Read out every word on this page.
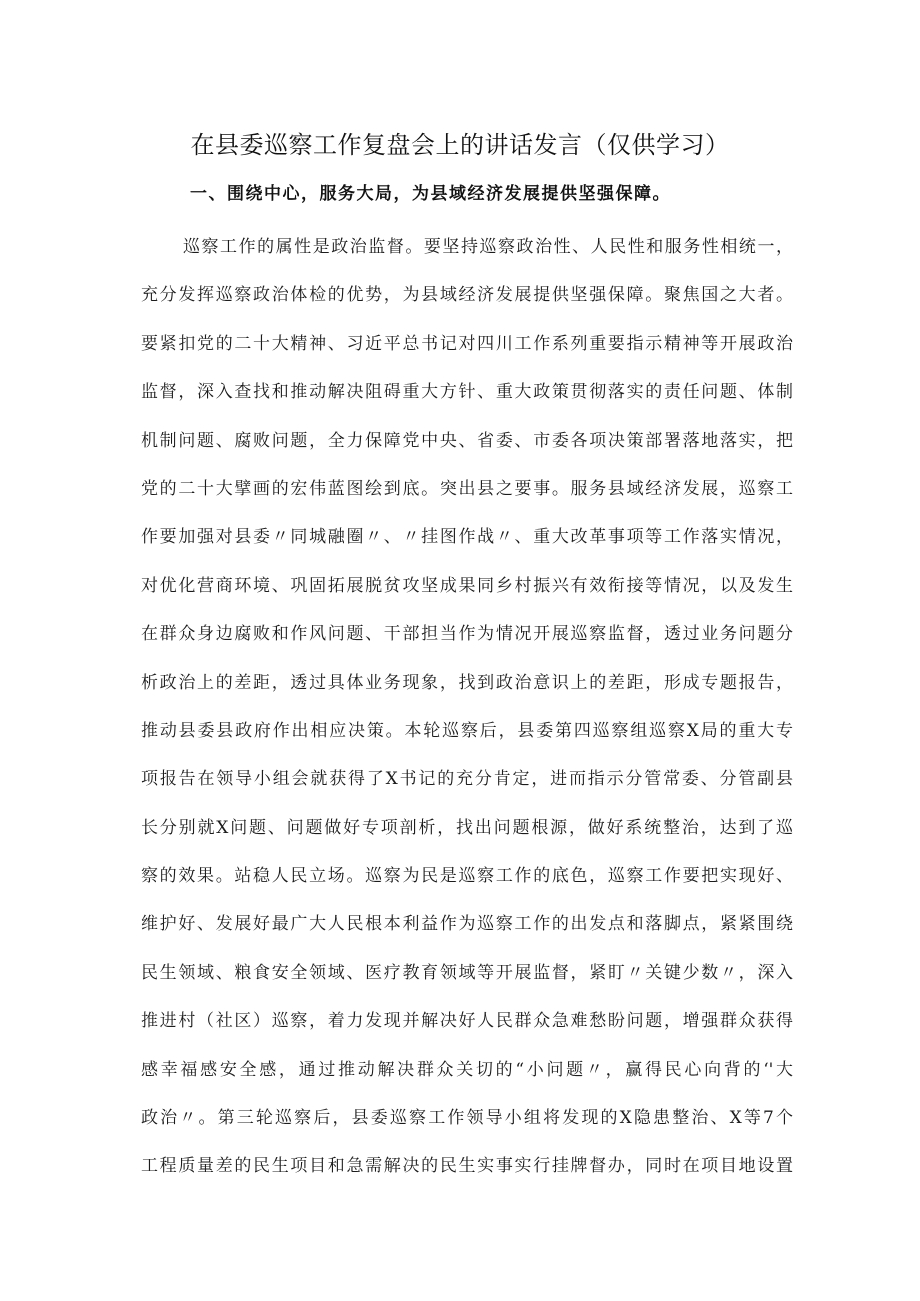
在县委巡察工作复盘会上的讲话发言（仅供学习）
一、围绕中心，服务大局，为县域经济发展提供坚强保障。
巡察工作的属性是政治监督。要坚持巡察政治性、人民性和服务性相统一，
充分发挥巡察政治体检的优势，为县域经济发展提供坚强保障。聚焦国之大者。
要紧扣党的二十大精神、习近平总书记对四川工作系列重要指示精神等开展政治
监督，深入查找和推动解决阻碍重大方针、重大政策贯彻落实的责任问题、体制
机制问题、腐败问题，全力保障党中央、省委、市委各项决策部署落地落实，把
党的二十大擘画的宏伟蓝图绘到底。突出县之要事。服务县域经济发展，巡察工
作要加强对县委〃同城融圈〃、〃挂图作战〃、重大改革事项等工作落实情况，
对优化营商环境、巩固拓展脱贫攻坚成果同乡村振兴有效衔接等情况，以及发生
在群众身边腐败和作风问题、干部担当作为情况开展巡察监督，透过业务问题分
析政治上的差距，透过具体业务现象，找到政治意识上的差距，形成专题报告，
推动县委县政府作出相应决策。本轮巡察后，县委第四巡察组巡察X局的重大专
项报告在领导小组会就获得了X书记的充分肯定，进而指示分管常委、分管副县
长分别就X问题、问题做好专项剖析，找出问题根源，做好系统整治，达到了巡
察的效果。站稳人民立场。巡察为民是巡察工作的底色，巡察工作要把实现好、
维护好、发展好最广大人民根本利益作为巡察工作的出发点和落脚点，紧紧围绕
民生领域、粮食安全领域、医疗教育领域等开展监督，紧盯〃关键少数〃，深入
推进村（社区）巡察，着力发现并解决好人民群众急难愁盼问题，增强群众获得
感幸福感安全感，通过推动解决群众关切的“小问题〃，赢得民心向背的‘'大
政治〃。第三轮巡察后，县委巡察工作领导小组将发现的X隐患整治、X等7个
工程质量差的民生项目和急需解决的民生实事实行挂牌督办，同时在项目地设置
